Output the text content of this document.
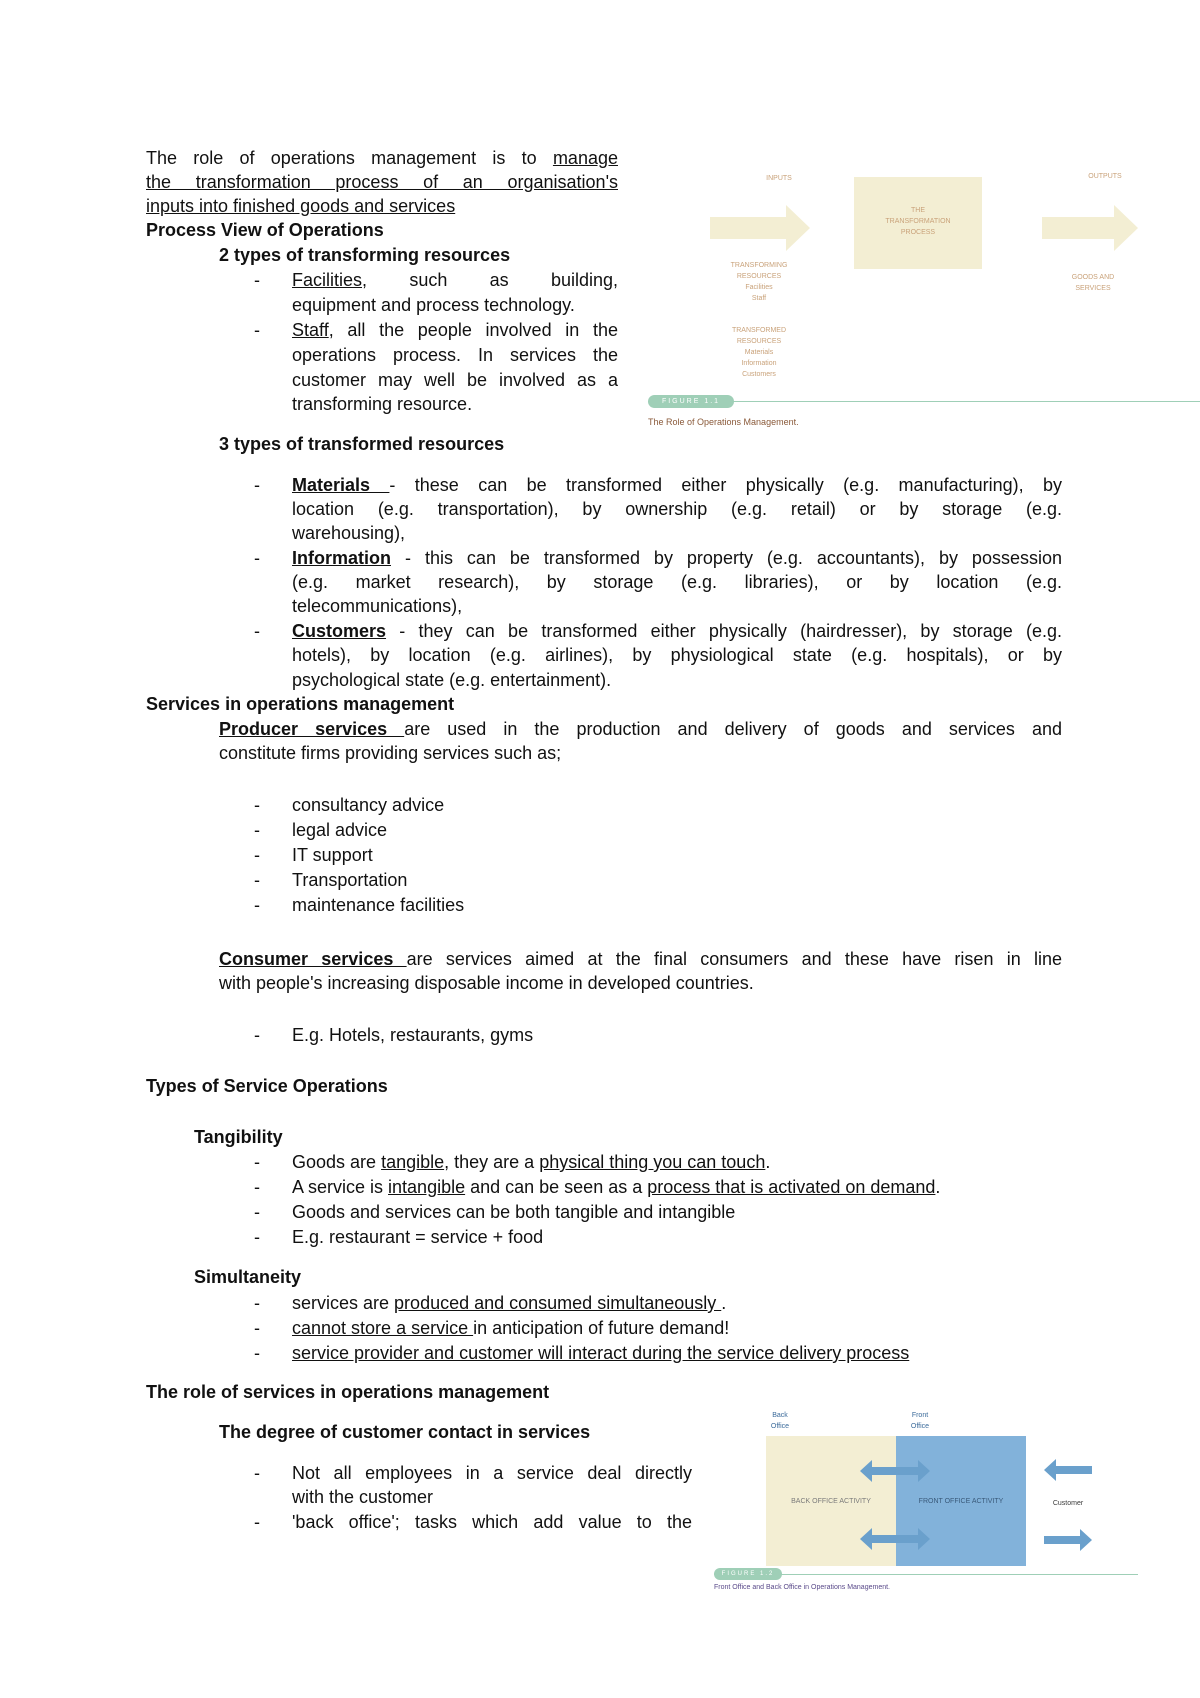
The role of operations management is to manage
the transformation process of an organisation's
inputs into finished goods and services
Process View of Operations
2 types of transforming resources
- Facilities, such as building,
equipment and process technology.
- Staff, all the people involved in the
operations process. In services the
customer may well be involved as a
transforming resource.
3 types of transformed resources
- Materials - these can be transformed either physically (e.g. manufacturing), by
location (e.g. transportation), by ownership (e.g. retail) or by storage (e.g.
warehousing),
- Information - this can be transformed by property (e.g. accountants), by possession
(e.g. market research), by storage (e.g. libraries), or by location (e.g.
telecommunications),
- Customers - they can be transformed either physically (hairdresser), by storage (e.g.
hotels), by location (e.g. airlines), by physiological state (e.g. hospitals), or by
psychological state (e.g. entertainment).
Services in operations management
Producer services are used in the production and delivery of goods and services and
constitute firms providing services such as;
- consultancy advice
- legal advice
- IT support
- Transportation
- maintenance facilities
Consumer services are services aimed at the final consumers and these have risen in line
with people's increasing disposable income in developed countries.
- E.g. Hotels, restaurants, gyms
Types of Service Operations
Tangibility
- Goods are tangible, they are a physical thing you can touch.
- A service is intangible and can be seen as a process that is activated on demand.
- Goods and services can be both tangible and intangible
- E.g. restaurant = service + food
Simultaneity
- services are produced and consumed simultaneously .
- cannot store a service in anticipation of future demand!
- service provider and customer will interact during the service delivery process
The role of services in operations management
The degree of customer contact in services
- Not all employees in a service deal directly
with the customer
- 'back office'; tasks which add value to the
INPUTS	OUTPUTS
THE
TRANSFORMATION
PROCESS
TRANSFORMING
RESOURCES
Facilities
Staff
TRANSFORMED
RESOURCES
Materials
Information
Customers
GOODS AND
SERVICES
FIGURE 1.1
The Role of Operations Management.
Back
Office
Front
Office
BACK OFFICE ACTIVITY	FRONT OFFICE ACTIVITY	Customer
FIGURE 1.2
Front Office and Back Office in Operations Management.
